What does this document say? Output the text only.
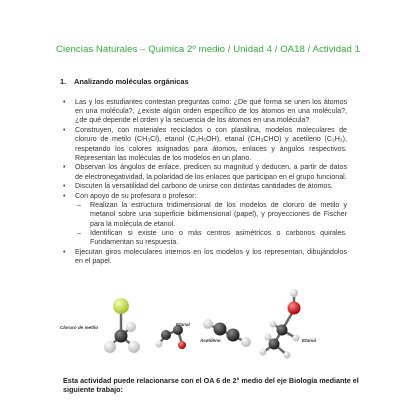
Ciencias Naturales – Química 2º medio / Unidad 4 / OA18 / Actividad 1
1. Analizando moléculas orgánicas
• Las y los estudiantes contestan preguntas como: ¿De qué forma se unen los átomos en una molécula?, ¿existe algún orden específico de los átomos en una molécula?, ¿de qué depende el orden y la secuencia de los átomos en una molécula?
• Construyen, con materiales reciclados o con plastilina, modelos moleculares de cloruro de metilo (CH₃Cl), etanol (C₂H₅OH), etanal (CH₃CHO) y acetileno (C₂H₂), respetando los colores asignados para átomos, enlaces y ángulos respectivos. Representan las moléculas de los modelos en un plano.
• Observan los ángulos de enlace, predicen su magnitud y deducen, a partir de datos de electronegatividad, la polaridad de los enlaces que participan en el grupo funcional.
• Discuten la versatilidad del carbono de unirse con distintas cantidades de átomos.
• Con apoyo de su profesora o profesor:
– Realizan la estructura tridimensional de los modelos de cloruro de metilo y metanol sobre una superficie bidimensional (papel), y proyecciones de Fischer para la molécula de etanol.
– Identifican si existe uno o más centros asimétricos o carbonos quirales. Fundamentan su respuesta.
• Ejecutan giros moleculares internos en los modelos y los representan, dibujándolos en el papel.
Cloruro de metilo
Etanal
Acetileno	Etanol
Esta actividad puede relacionarse con el OA 6 de 2° medio del eje Biología mediante el siguiente trabajo:
